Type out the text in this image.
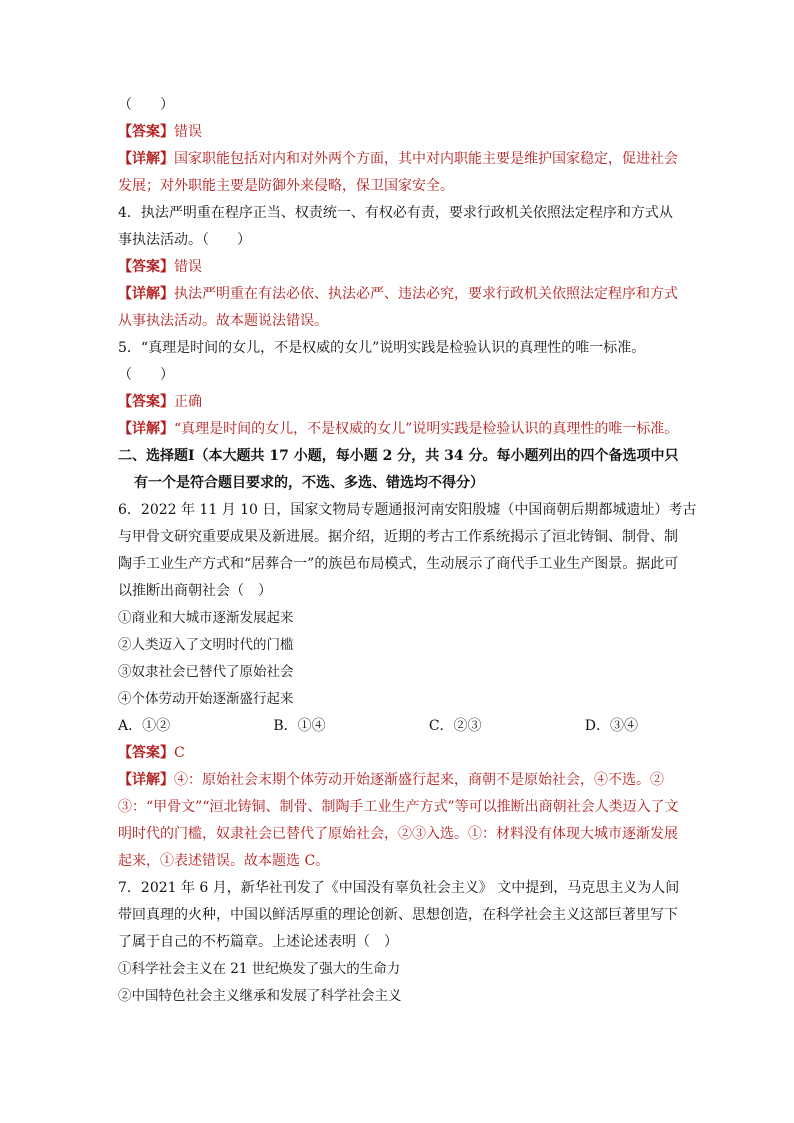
（　　）
【答案】错误
【详解】国家职能包括对内和对外两个方面，其中对内职能主要是维护国家稳定，促进社会
发展；对外职能主要是防御外来侵略，保卫国家安全。
4．执法严明重在程序正当、权责统一、有权必有责，要求行政机关依照法定程序和方式从
事执法活动。（　　）
【答案】错误
【详解】执法严明重在有法必依、执法必严、违法必究，要求行政机关依照法定程序和方式
从事执法活动。故本题说法错误。
5．“真理是时间的女儿，不是权威的女儿”说明实践是检验认识的真理性的唯一标准。
（　　）
【答案】正确
【详解】“真理是时间的女儿，不是权威的女儿”说明实践是检验认识的真理性的唯一标准。
二、选择题Ⅰ（本大题共 17 小题，每小题 2 分，共 34 分。每小题列出的四个备选项中只
有一个是符合题目要求的，不选、多选、错选均不得分）
6．2022 年 11 月 10 日，国家文物局专题通报河南安阳殷墟（中国商朝后期都城遗址）考古
与甲骨文研究重要成果及新进展。据介绍，近期的考古工作系统揭示了洹北铸铜、制骨、制
陶手工业生产方式和“居葬合一”的族邑布局模式，生动展示了商代手工业生产图景。据此可
以推断出商朝社会（　）
①商业和大城市逐渐发展起来
②人类迈入了文明时代的门槛
③奴隶社会已替代了原始社会
④个体劳动开始逐渐盛行起来
A．①②	B．①④	C．②③	D．③④
【答案】C
【详解】④：原始社会末期个体劳动开始逐渐盛行起来，商朝不是原始社会，④不选。②
③：“甲骨文”“洹北铸铜、制骨、制陶手工业生产方式”等可以推断出商朝社会人类迈入了文
明时代的门槛，奴隶社会已替代了原始社会，②③入选。①：材料没有体现大城市逐渐发展
起来，①表述错误。故本题选 C。
7．2021 年 6 月，新华社刊发了《中国没有辜负社会主义》 文中提到，马克思主义为人间
带回真理的火种，中国以鲜活厚重的理论创新、思想创造，在科学社会主义这部巨著里写下
了属于自己的不朽篇章。上述论述表明（　）
①科学社会主义在 21 世纪焕发了强大的生命力
②中国特色社会主义继承和发展了科学社会主义
